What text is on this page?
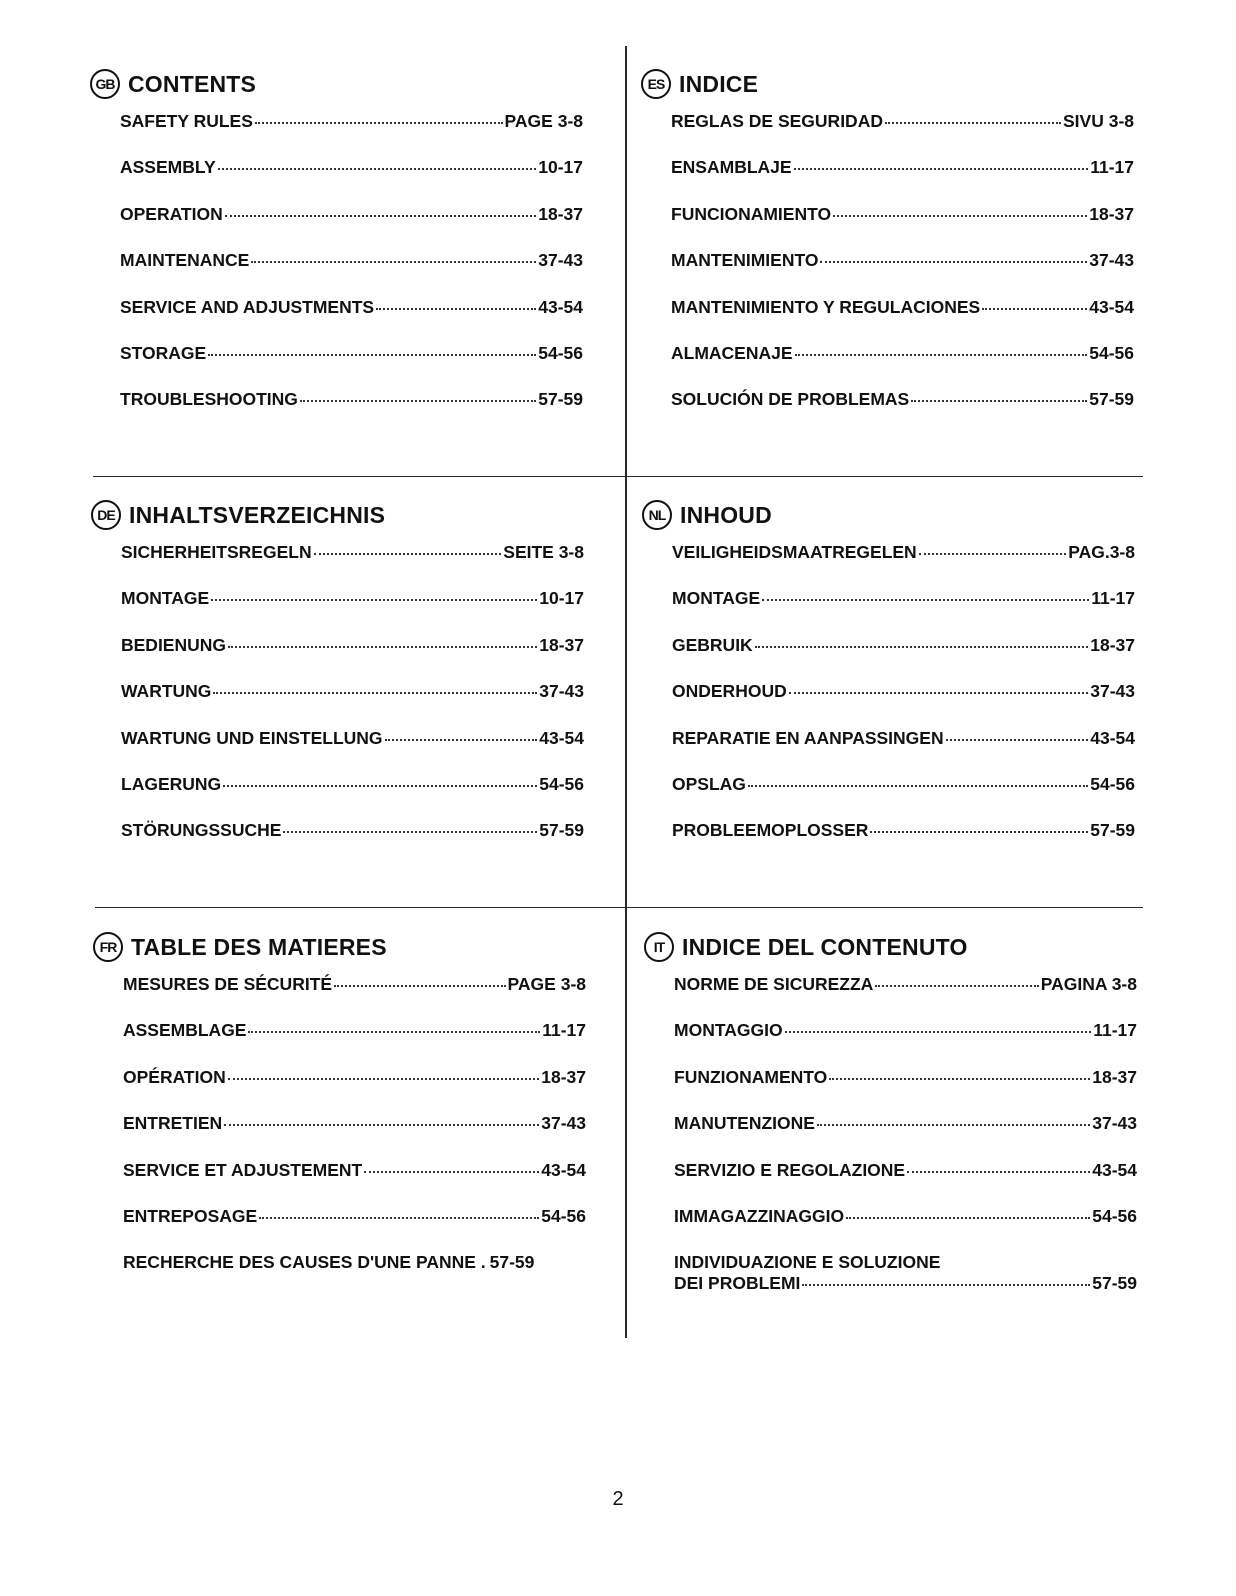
GB CONTENTS
SAFETY RULES	PAGE 3-8
ASSEMBLY	10-17
OPERATION	18-37
MAINTENANCE	37-43
SERVICE AND ADJUSTMENTS	43-54
STORAGE	54-56
TROUBLESHOOTING	57-59
ES INDICE
REGLAS DE SEGURIDAD	SIVU 3-8
ENSAMBLAJE	11-17
FUNCIONAMIENTO	18-37
MANTENIMIENTO	37-43
MANTENIMIENTO Y REGULACIONES	43-54
ALMACENAJE	54-56
SOLUCIÓN DE PROBLEMAS	57-59
DE INHALTSVERZEICHNIS
SICHERHEITSREGELN	SEITE 3-8
MONTAGE	10-17
BEDIENUNG	18-37
WARTUNG	37-43
WARTUNG UND EINSTELLUNG	43-54
LAGERUNG	54-56
STÖRUNGSSUCHE	57-59
NL INHOUD
VEILIGHEIDSMAATREGELEN	PAG.3-8
MONTAGE	11-17
GEBRUIK	18-37
ONDERHOUD	37-43
REPARATIE EN AANPASSINGEN	43-54
OPSLAG	54-56
PROBLEEMOPLOSSER	57-59
FR TABLE DES MATIERES
MESURES DE SÉCURITÉ	PAGE 3-8
ASSEMBLAGE	11-17
OPÉRATION	18-37
ENTRETIEN	37-43
SERVICE ET ADJUSTEMENT	43-54
ENTREPOSAGE	54-56
RECHERCHE DES CAUSES D'UNE PANNE . 57-59
IT INDICE DEL CONTENUTO
NORME DE SICUREZZA	PAGINA 3-8
MONTAGGIO	11-17
FUNZIONAMENTO	18-37
MANUTENZIONE	37-43
SERVIZIO E REGOLAZIONE	43-54
IMMAGAZZINAGGIO	54-56
INDIVIDUAZIONE E SOLUZIONE
DEI PROBLEMI	57-59
2
